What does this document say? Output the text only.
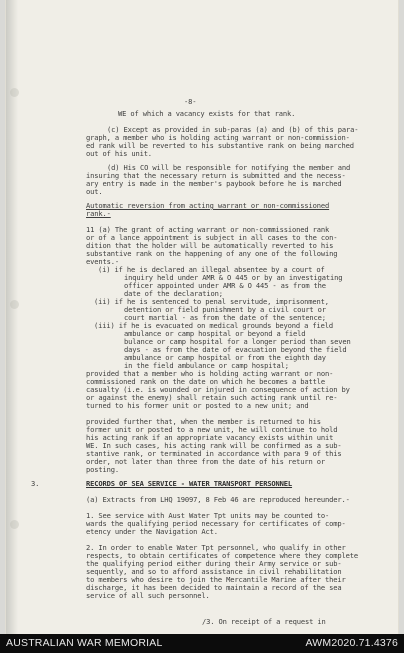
-8-
WE of which a vacancy exists for that rank.
(c) Except as provided in sub-paras (a) and (b) of this para-
graph, a member who is holding acting warrant or non-commission-
ed rank will be reverted to his substantive rank on being marched
out of his unit.
(d) His CO will be responsible for notifying the member and
insuring that the necessary return is submitted and the necess-
ary entry is made in the member's paybook before he is marched
out.
Automatic reversion from acting warrant or non-commissioned
rank.-
11 (a) The grant of acting warrant or non-commissioned rank
or of a lance appointment is subject in all cases to the con-
dition that the holder will be automatically reverted to his
substantive rank on the happening of any one of the following
events.-
(i) if he is declared an illegal absentee by a court of
inquiry held under AMR & O 445 or by an investigating
officer appointed under AMR & O 445 - as from the
date of the declaration;
(ii) if he is sentenced to penal servitude, imprisonment,
detention or field punishment by a civil court or
court martial - as from the date of the sentence;
(iii) if he is evacuated on medical grounds beyond a field
ambulance or camp hospital or beyond a field
bulance or camp hospital for a longer period than seven
days - as from the date of evacuation beyond the field
ambulance or camp hospital or from the eighth day
in the field ambulance or camp hospital;
provided that a member who is holding acting warrant or non-
commissioned rank on the date on which he becomes a battle
casualty (i.e. is wounded or injured in consequence of action by
or against the enemy) shall retain such acting rank until re-
turned to his former unit or posted to a new unit; and
provided further that, when the member is returned to his
former unit or posted to a new unit, he will continue to hold
his acting rank if an appropriate vacancy exists within unit
WE. In such cases, his acting rank will be confirmed as a sub-
stantive rank, or terminated in accordance with para 9 of this
order, not later than three from the date of his return or
posting.
3.	RECORDS OF SEA SERVICE - WATER TRANSPORT PERSONNEL
(a) Extracts from LHQ 19097, 8 Feb 46 are reproduced hereunder.-
1. See service with Aust Water Tpt units may be counted to-
wards the qualifying period necessary for certificates of comp-
etency under the Navigation Act.
2. In order to enable Water Tpt personnel, who qualify in other
respects, to obtain certificates of competence where they complete
the qualifying period either during their Army service or sub-
sequently, and so to afford assistance in civil rehabilitation
to members who desire to join the Mercantile Marine after their
discharge, it has been decided to maintain a record of the sea
service of all such personnel.
/3. On receipt of a request in
AUSTRALIAN WAR MEMORIAL	AWM2020.71.4376
